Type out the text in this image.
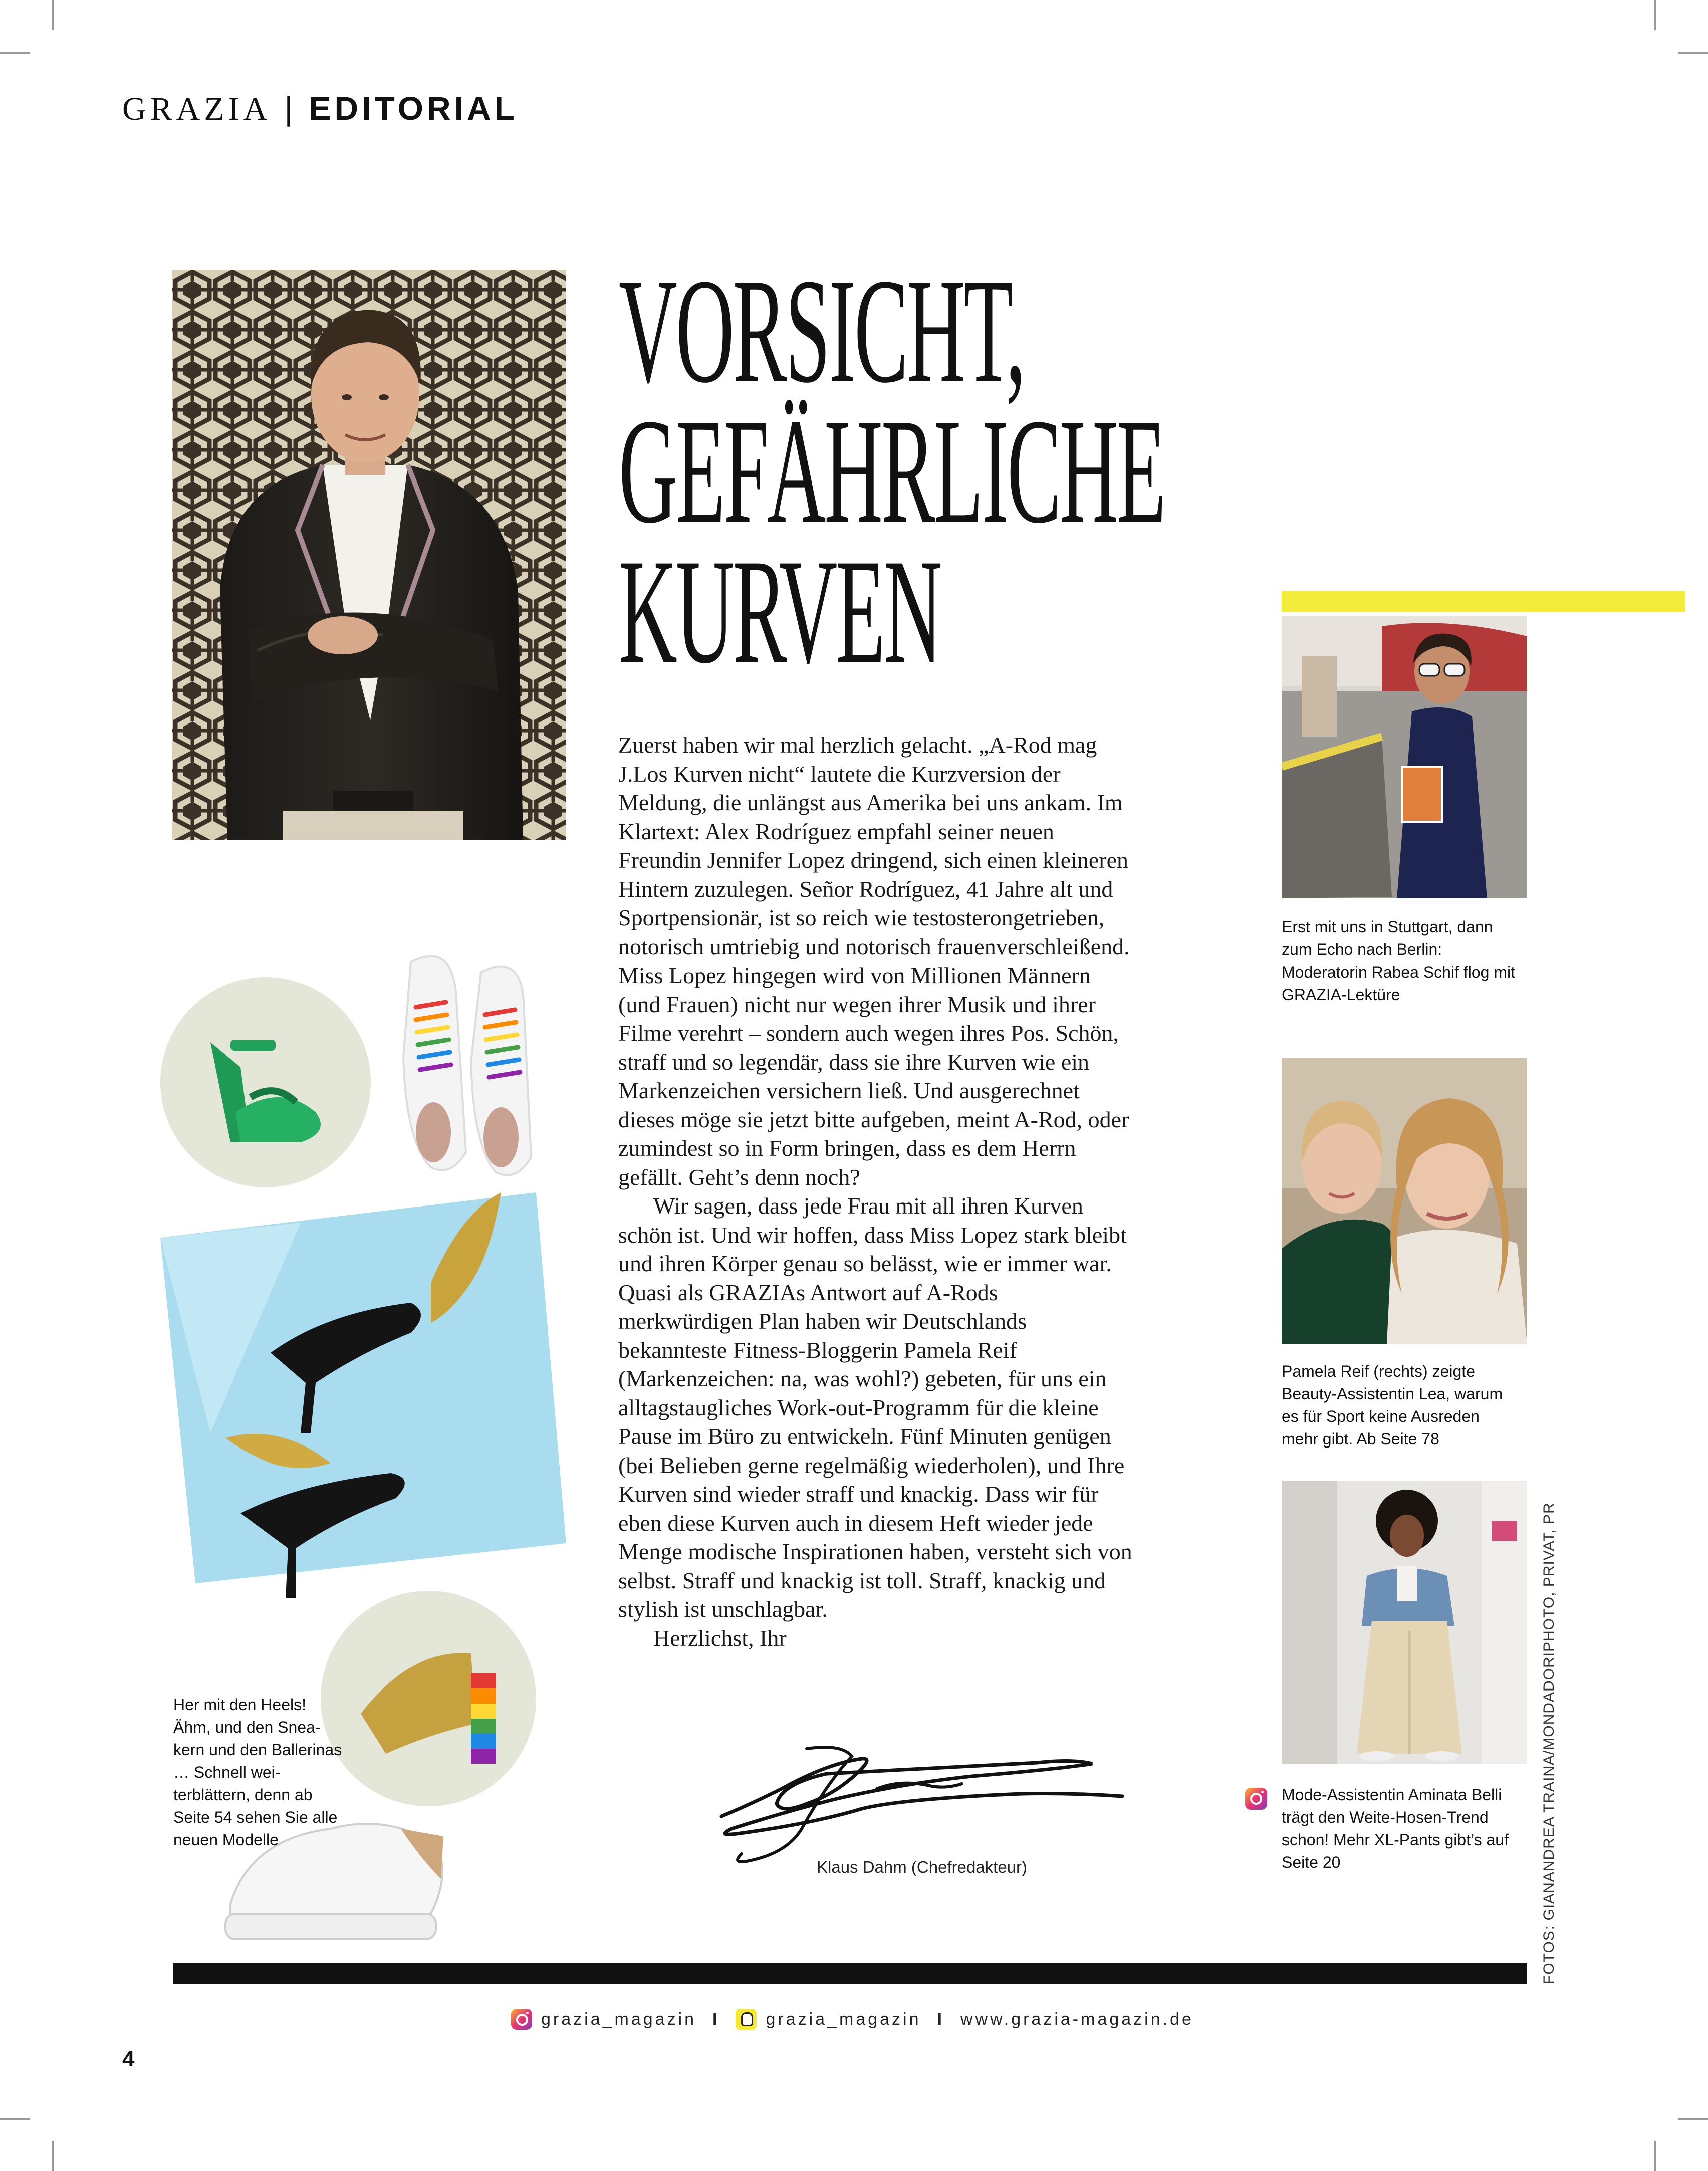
GRAZIA | EDITORIAL
VORSICHT,
GEFÄHRLICHE
KURVEN

Zuerst haben wir mal herzlich gelacht. „A-Rod mag J.Los Kurven nicht“ lautete die Kurzversion der Meldung, die unlängst aus Amerika bei uns ankam. Im Klartext: Alex Rodríguez empfahl seiner neuen Freundin Jennifer Lopez dringend, sich einen kleineren Hintern zuzulegen. Señor Rodríguez, 41 Jahre alt und Sportpensionär, ist so reich wie testosterongetrieben, notorisch umtriebig und notorisch frauenverschleißend. Miss Lopez hingegen wird von Millionen Männern (und Frauen) nicht nur wegen ihrer Musik und ihrer Filme verehrt – sondern auch wegen ihres Pos. Schön, straff und so legendär, dass sie ihre Kurven wie ein Markenzeichen versichern ließ. Und ausgerechnet dieses möge sie jetzt bitte aufgeben, meint A-Rod, oder zumindest so in Form bringen, dass es dem Herrn gefällt. Geht’s denn noch?

Wir sagen, dass jede Frau mit all ihren Kurven schön ist. Und wir hoffen, dass Miss Lopez stark bleibt und ihren Körper genau so belässt, wie er immer war. Quasi als GRAZIAs Antwort auf A-Rods merkwürdigen Plan haben wir Deutschlands bekannteste Fitness-Bloggerin Pamela Reif (Markenzeichen: na, was wohl?) gebeten, für uns ein alltagstaugliches Work-out-Programm für die kleine Pause im Büro zu entwickeln. Fünf Minuten genügen (bei Belieben gerne regelmäßig wiederholen), und Ihre Kurven sind wieder straff und knackig. Dass wir für eben diese Kurven auch in diesem Heft wieder jede Menge modische Inspirationen haben, versteht sich von selbst. Straff und knackig ist toll. Straff, knackig und stylish ist unschlagbar.

Herzlichst, Ihr

Klaus Dahm (Chefredakteur)
Her mit den Heels! Ähm, und den Sneakern und den Ballerinas … Schnell weiterblättern, denn ab Seite 54 sehen Sie alle neuen Modelle
Erst mit uns in Stuttgart, dann zum Echo nach Berlin: Moderatorin Rabea Schif flog mit GRAZIA-Lektüre
Pamela Reif (rechts) zeigte Beauty-Assistentin Lea, warum es für Sport keine Ausreden mehr gibt. Ab Seite 78
Mode-Assistentin Aminata Belli trägt den Weite-Hosen-Trend schon! Mehr XL-Pants gibt’s auf Seite 20	FOTOS: GIANANDREA TRAINA/MONDADORIPHOTO, PRIVAT, PR
grazia_magazin I	grazia_magazin I www.grazia-magazin.de
4
